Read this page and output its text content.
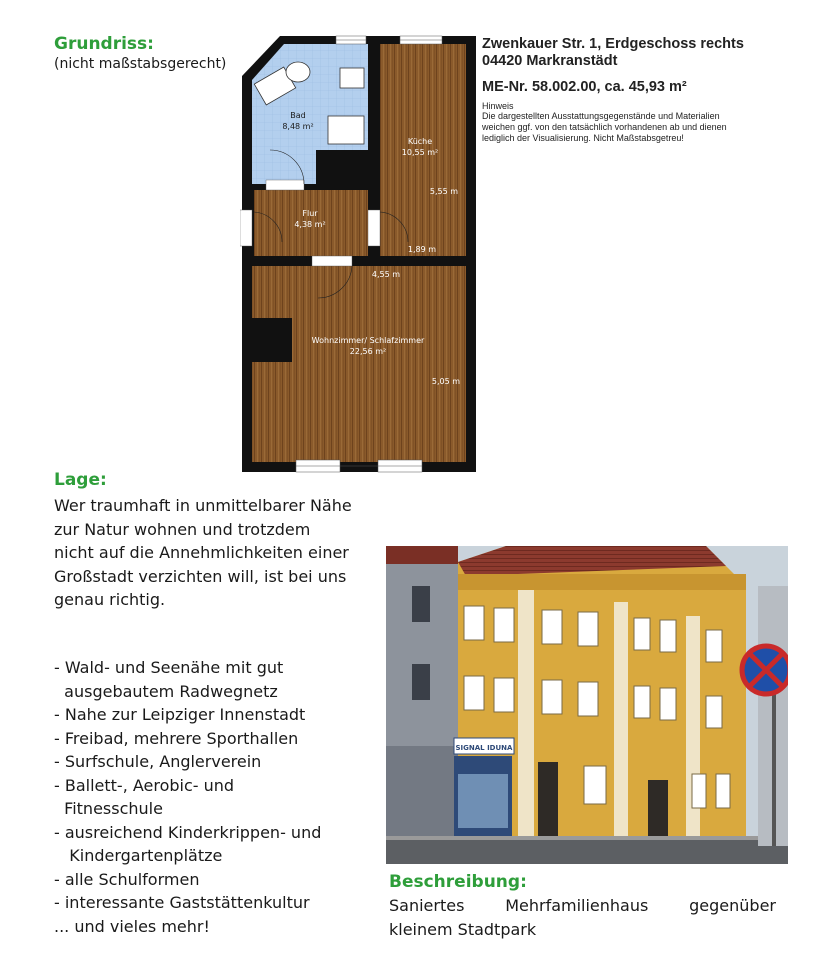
Grundriss:
(nicht maßstabsgerecht)
Bad
8,48 m²
Küche
10,55 m²
Flur
4,38 m²
Wohnzimmer/ Schlafzimmer
22,56 m²
5,55 m
1,89 m
4,55 m
5,05 m
Zwenkauer Str. 1, Erdgeschoss rechts
04420 Markranstädt
ME-Nr. 58.002.00, ca. 45,93 m²
Hinweis
Die dargestellten Ausstattungsgegenstände und Materialien weichen ggf. von den tatsächlich vorhandenen ab und dienen lediglich der Visualisierung. Nicht Maßstabsgetreu!
Lage:
Wer traumhaft in unmittelbarer Nähe zur Natur wohnen und trotzdem nicht auf die Annehmlichkeiten einer Großstadt verzichten will, ist bei uns genau richtig.
- Wald- und Seenähe mit gut
ausgebautem Radwegnetz
- Nahe zur Leipziger Innenstadt
- Freibad, mehrere Sporthallen
- Surfschule, Anglerverein
- Ballett-, Aerobic- und
Fitnesschule
- ausreichend Kinderkrippen- und
Kindergartenplätze
- alle Schulformen
- interessante Gaststättenkultur
... und vieles mehr!
SIGNAL IDUNA
Beschreibung:
Saniertes	Mehrfamilienhaus	gegenüber
kleinem Stadtpark
